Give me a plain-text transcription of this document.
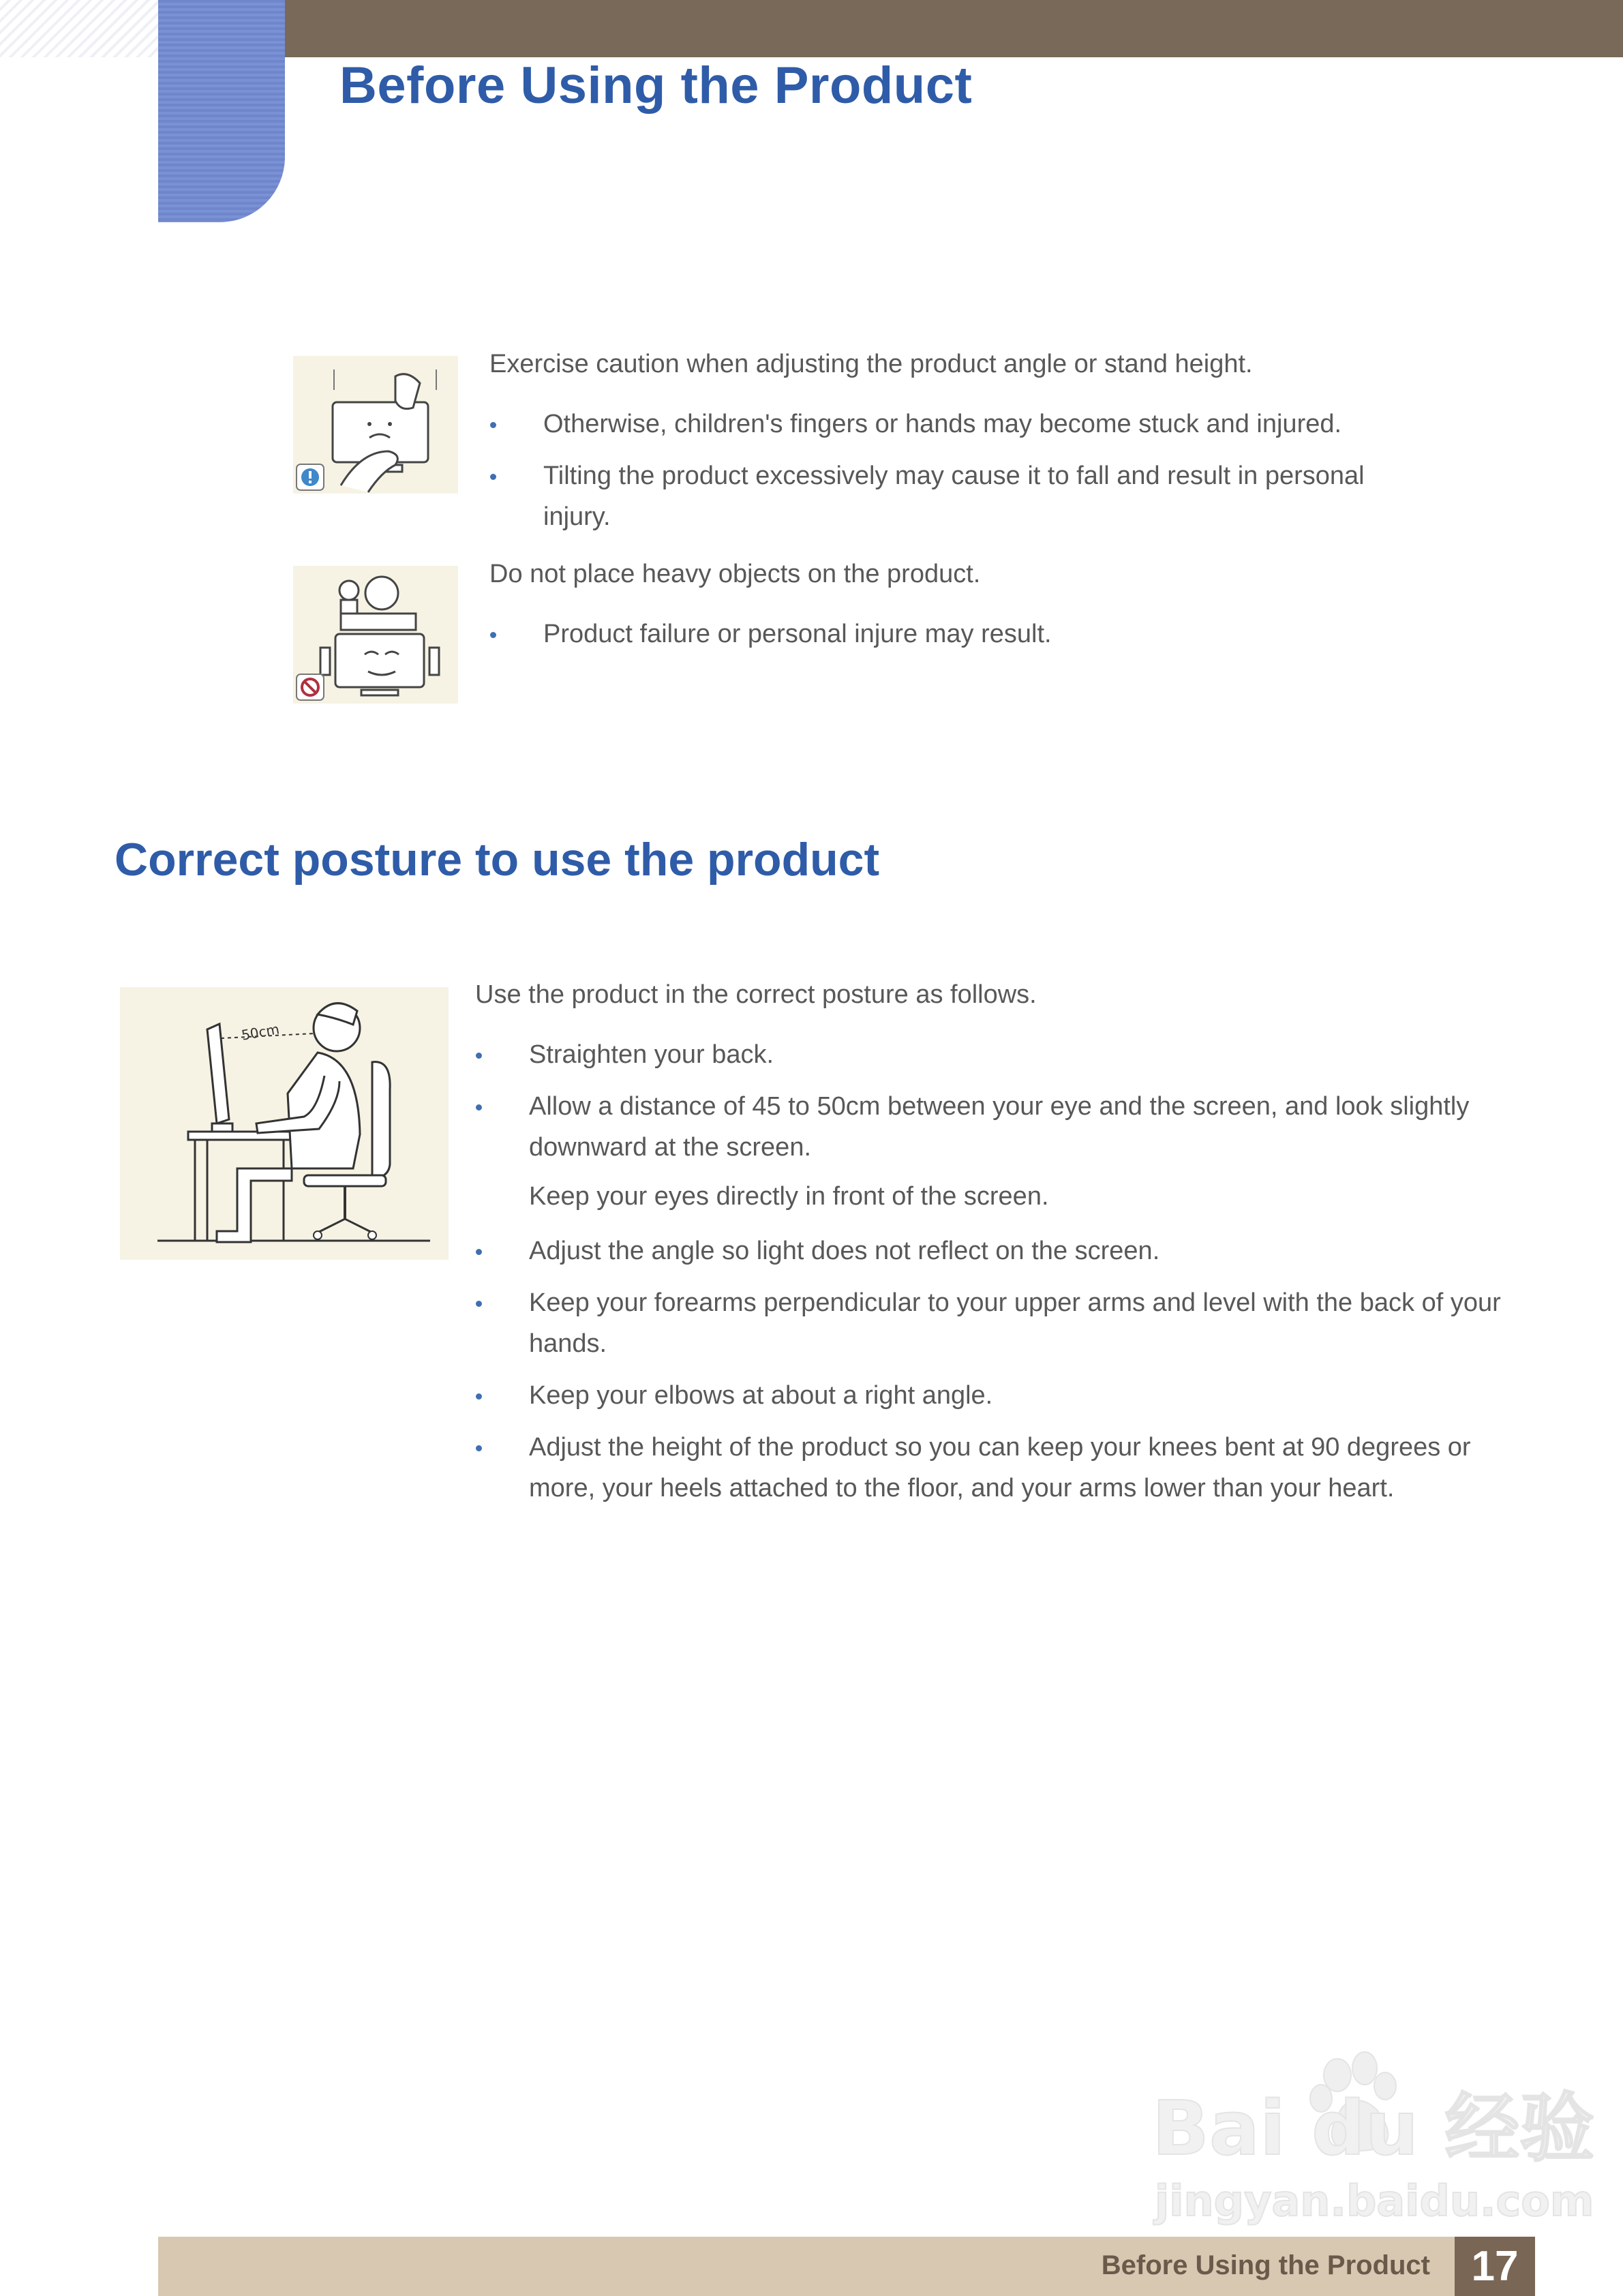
Before Using the Product

Exercise caution when adjusting the product angle or stand height.

Otherwise, children's fingers or hands may become stuck and injured.

Tilting the product excessively may cause it to fall and result in personal injury.

Do not place heavy objects on the product.

Product failure or personal injure may result.

Correct posture to use the product
50cm

Use the product in the correct posture as follows.

Straighten your back.

Allow a distance of 45 to 50cm between your eye and the screen, and look slightly downward at the screen.

Keep your eyes directly in front of the screen.

Adjust the angle so light does not reflect on the screen.

Keep your forearms perpendicular to your upper arms and level with the back of your hands.

Keep your elbows at about a right angle.

Adjust the height of the product so you can keep your knees bent at 90 degrees or more, your heels attached to the floor, and your arms lower than your heart.

Bai du 经验
jingyan.baidu.com
Before Using the Product 17
